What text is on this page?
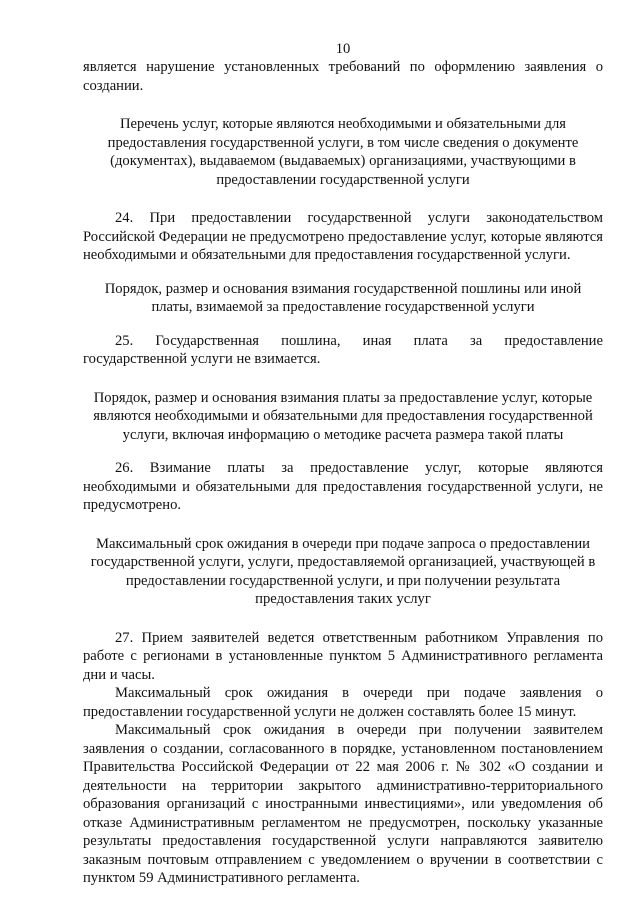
10

является нарушение установленных требований по оформлению заявления о создании.

Перечень услуг, которые являются необходимыми и обязательными для предоставления государственной услуги, в том числе сведения о документе (документах), выдаваемом (выдаваемых) организациями, участвующими в предоставлении государственной услуги

24. При предоставлении государственной услуги законодательством Российской Федерации не предусмотрено предоставление услуг, которые являются необходимыми и обязательными для предоставления государственной услуги.

Порядок, размер и основания взимания государственной пошлины или иной платы, взимаемой за предоставление государственной услуги

25. Государственная пошлина, иная плата за предоставление

государственной услуги не взимается.

Порядок, размер и основания взимания платы за предоставление услуг, которые являются необходимыми и обязательными для предоставления государственной услуги, включая информацию о методике расчета размера такой платы

26. Взимание платы за предоставление услуг, которые являются необходимыми и обязательными для предоставления государственной услуги, не предусмотрено.

Максимальный срок ожидания в очереди при подаче запроса о предоставлении государственной услуги, услуги, предоставляемой организацией, участвующей в предоставлении государственной услуги, и при получении результата предоставления таких услуг

27. Прием заявителей ведется ответственным работником Управления по работе с регионами в установленные пунктом 5 Административного регламента дни и часы.

Максимальный срок ожидания в очереди при подаче заявления о предоставлении государственной услуги не должен составлять более 15 минут.

Максимальный срок ожидания в очереди при получении заявителем заявления о создании, согласованного в порядке, установленном постановлением Правительства Российской Федерации от 22 мая 2006 г. № 302 «О создании и деятельности на территории закрытого административно-территориального образования организаций с иностранными инвестициями», или уведомления об отказе Административным регламентом не предусмотрен, поскольку указанные результаты предоставления государственной услуги направляются заявителю заказным почтовым отправлением с уведомлением о вручении в соответствии с пунктом 59 Административного регламента.
